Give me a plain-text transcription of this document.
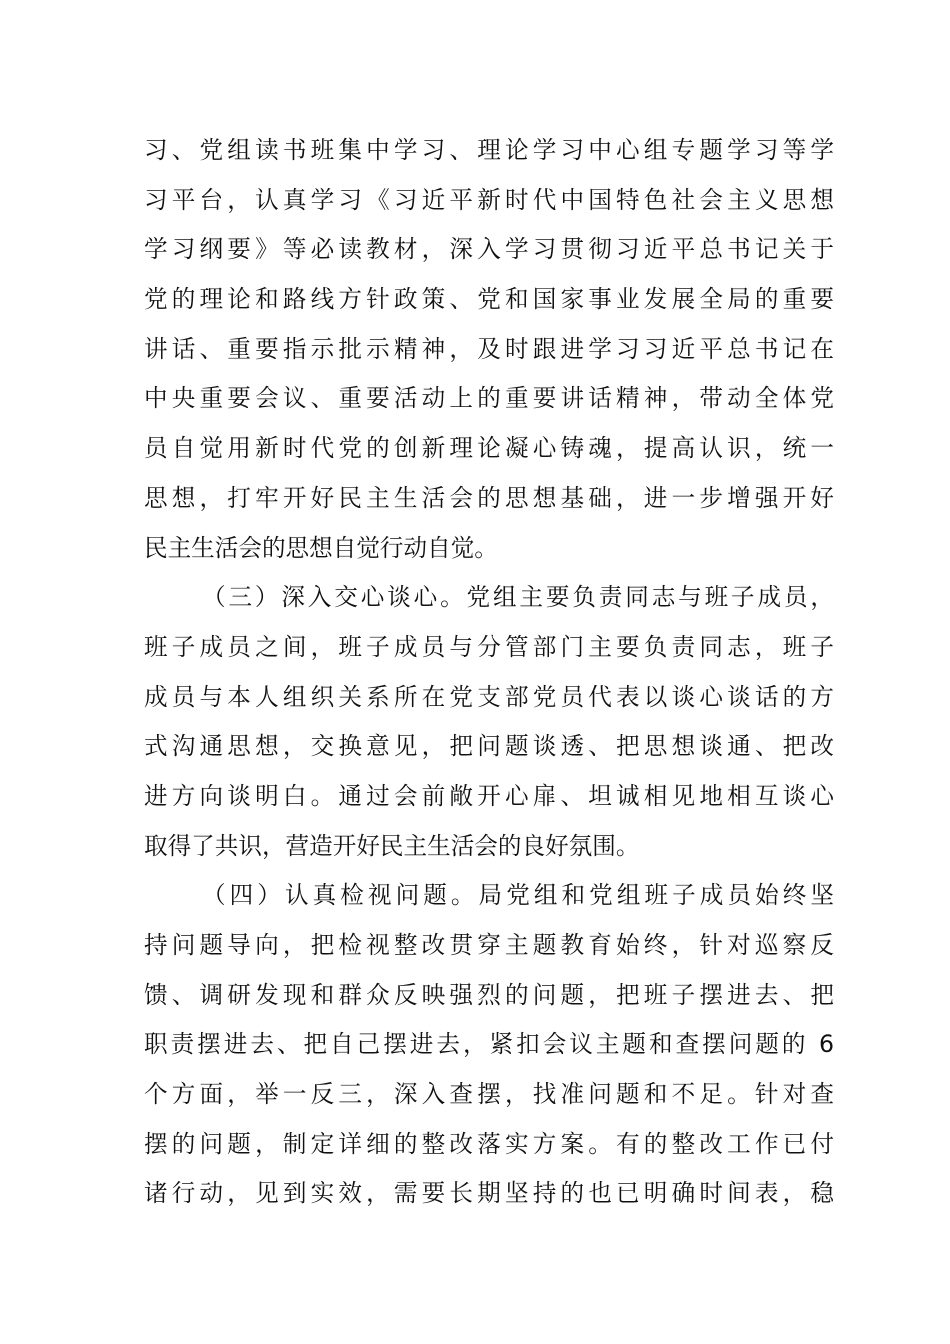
习、党组读书班集中学习、理论学习中心组专题学习等学
习平台，认真学习《习近平新时代中国特色社会主义思想
学习纲要》等必读教材，深入学习贯彻习近平总书记关于
党的理论和路线方针政策、党和国家事业发展全局的重要
讲话、重要指示批示精神，及时跟进学习习近平总书记在
中央重要会议、重要活动上的重要讲话精神，带动全体党
员自觉用新时代党的创新理论凝心铸魂，提高认识，统一
思想，打牢开好民主生活会的思想基础，进一步增强开好
民主生活会的思想自觉行动自觉。
（三）深入交心谈心。党组主要负责同志与班子成员，
班子成员之间，班子成员与分管部门主要负责同志，班子
成员与本人组织关系所在党支部党员代表以谈心谈话的方
式沟通思想，交换意见，把问题谈透、把思想谈通、把改
进方向谈明白。通过会前敞开心扉、坦诚相见地相互谈心
取得了共识，营造开好民主生活会的良好氛围。
（四）认真检视问题。局党组和党组班子成员始终坚
持问题导向，把检视整改贯穿主题教育始终，针对巡察反
馈、调研发现和群众反映强烈的问题，把班子摆进去、把
职责摆进去、把自己摆进去，紧扣会议主题和查摆问题的 6
个方面，举一反三，深入查摆，找准问题和不足。针对查
摆的问题，制定详细的整改落实方案。有的整改工作已付
诸行动，见到实效，需要长期坚持的也已明确时间表，稳
